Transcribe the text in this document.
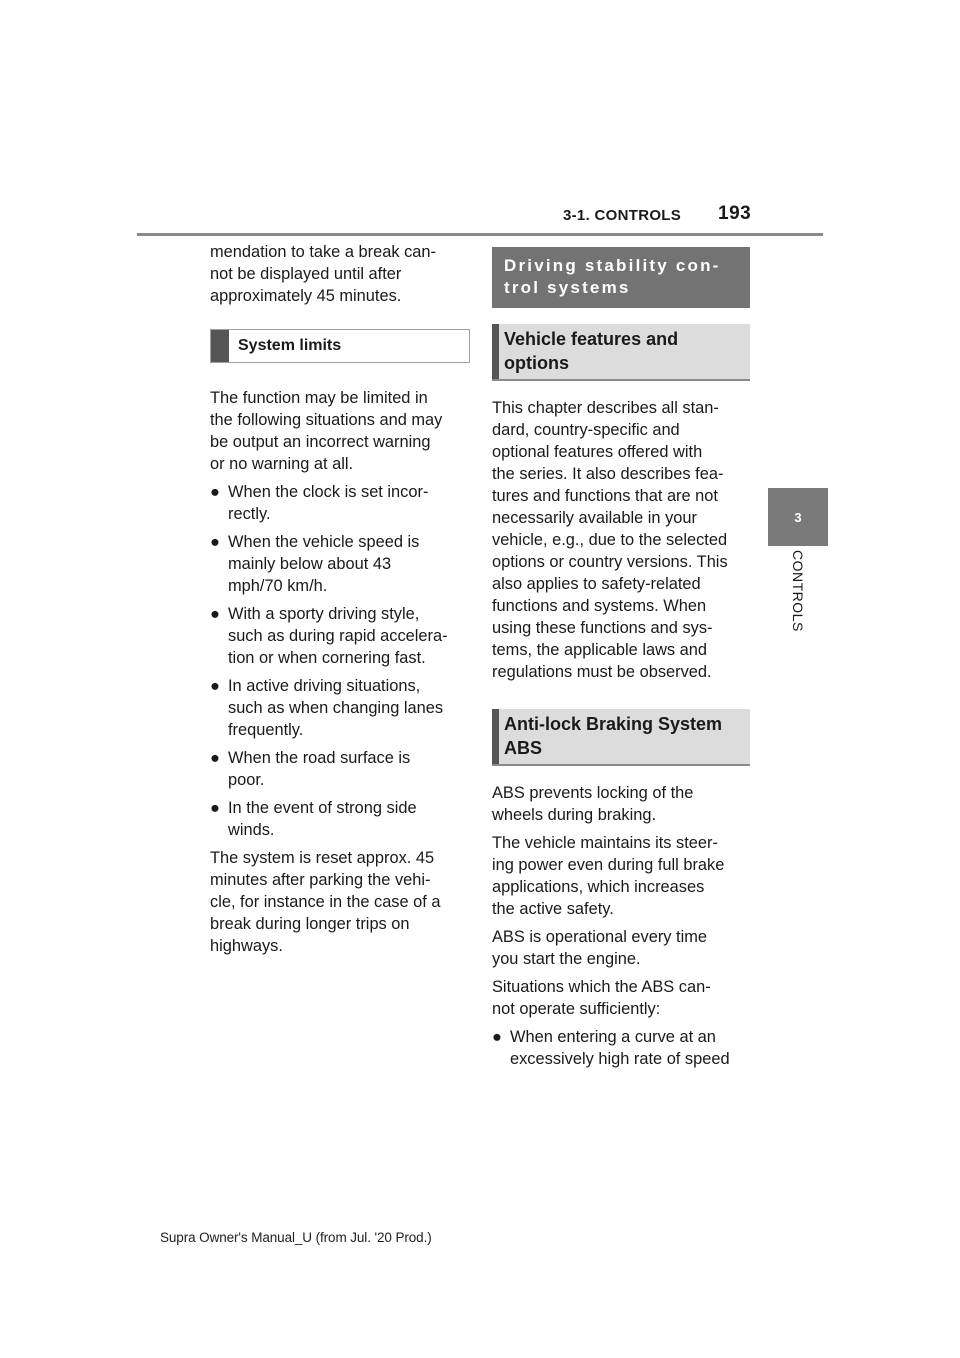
3-1. CONTROLS 193
3
CONTROLS

mendation to take a break can-
not be displayed until after
approximately 45 minutes.

System limits

The function may be limited in
the following situations and may
be output an incorrect warning
or no warning at all.

● When the clock is set incor-
rectly.
● When the vehicle speed is
mainly below about 43
mph/70 km/h.
● With a sporty driving style,
such as during rapid accelera-
tion or when cornering fast.
● In active driving situations,
such as when changing lanes
frequently.
● When the road surface is
poor.
● In the event of strong side
winds.

The system is reset approx. 45
minutes after parking the vehi-
cle, for instance in the case of a
break during longer trips on
highways.

Driving stability con-
trol systems
Vehicle features and
options

This chapter describes all stan-
dard, country-specific and
optional features offered with
the series. It also describes fea-
tures and functions that are not
necessarily available in your
vehicle, e.g., due to the selected
options or country versions. This
also applies to safety-related
functions and systems. When
using these functions and sys-
tems, the applicable laws and
regulations must be observed.

Anti-lock Braking System
ABS

ABS prevents locking of the
wheels during braking.

The vehicle maintains its steer-
ing power even during full brake
applications, which increases
the active safety.

ABS is operational every time
you start the engine.

Situations which the ABS can-
not operate sufficiently:

● When entering a curve at an
excessively high rate of speed
Supra Owner's Manual_U (from Jul. '20 Prod.)
